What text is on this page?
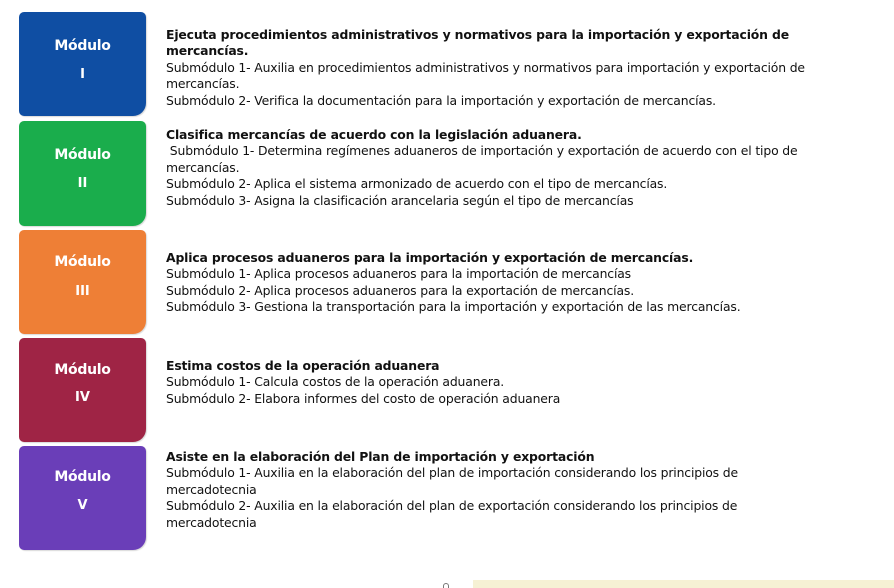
Módulo
I
Ejecuta procedimientos administrativos y normativos para la importación y exportación de
mercancías.
Submódulo 1- Auxilia en procedimientos administrativos y normativos para importación y exportación de
mercancías.
Submódulo 2- Verifica la documentación para la importación y exportación de mercancías.
Módulo
II
Clasifica mercancías de acuerdo con la legislación aduanera.
Submódulo 1- Determina regímenes aduaneros de importación y exportación de acuerdo con el tipo de
mercancías.
Submódulo 2- Aplica el sistema armonizado de acuerdo con el tipo de mercancías.
Submódulo 3- Asigna la clasificación arancelaria según el tipo de mercancías
Módulo
III
Aplica procesos aduaneros para la importación y exportación de mercancías.
Submódulo 1- Aplica procesos aduaneros para la importación de mercancías
Submódulo 2- Aplica procesos aduaneros para la exportación de mercancías.
Submódulo 3- Gestiona la transportación para la importación y exportación de las mercancías.
Módulo
IV
Estima costos de la operación aduanera
Submódulo 1- Calcula costos de la operación aduanera.
Submódulo 2- Elabora informes del costo de operación aduanera
Módulo
V
Asiste en la elaboración del Plan de importación y exportación
Submódulo 1- Auxilia en la elaboración del plan de importación considerando los principios de
mercadotecnia
Submódulo 2- Auxilia en la elaboración del plan de exportación considerando los principios de
mercadotecnia
